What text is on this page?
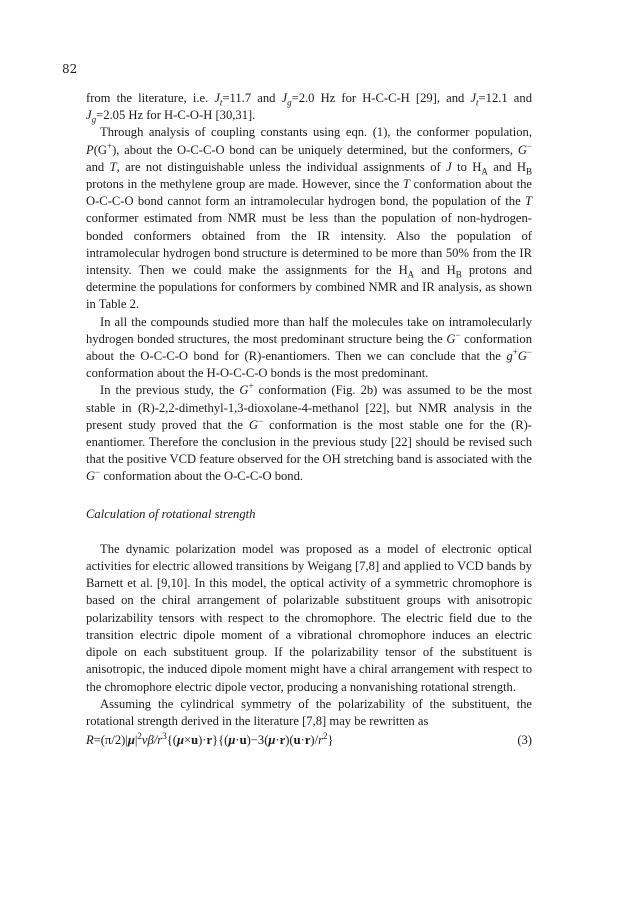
82

from the literature, i.e. $J_t=11.7$ and $J_g=2.0$ Hz for H-C-C-H [29], and $J_t=12.1$ and $J_g=2.05$ Hz for H-C-O-H [30,31].

Through analysis of coupling constants using eqn. (1), the conformer population, P(G+), about the O-C-C-O bond can be uniquely determined, but the conformers, G− and T, are not distinguishable unless the individual assignments of J to $H_A$ and $H_B$ protons in the methylene group are made. However, since the T conformation about the O-C-C-O bond cannot form an intramolecular hydrogen bond, the population of the T conformer estimated from NMR must be less than the population of non-hydrogen-bonded conformers obtained from the IR intensity. Also the population of intramolecular hydrogen bond structure is determined to be more than 50% from the IR intensity. Then we could make the assignments for the $H_A$ and $H_B$ protons and determine the populations for conformers by combined NMR and IR analysis, as shown in Table 2.

In all the compounds studied more than half the molecules take on intramolecularly hydrogen bonded structures, the most predominant structure being the G− conformation about the O-C-C-O bond for (R)-enantiomers. Then we can conclude that the g+G− conformation about the H-O-C-C-O bonds is the most predominant.

In the previous study, the G+ conformation (Fig. 2b) was assumed to be the most stable in (R)-2,2-dimethyl-1,3-dioxolane-4-methanol [22], but NMR analysis in the present study proved that the G− conformation is the most stable one for the (R)-enantiomer. Therefore the conclusion in the previous study [22] should be revised such that the positive VCD feature observed for the OH stretching band is associated with the G− conformation about the O-C-C-O bond.

Calculation of rotational strength

The dynamic polarization model was proposed as a model of electronic optical activities for electric allowed transitions by Weigang [7,8] and applied to VCD bands by Barnett et al. [9,10]. In this model, the optical activity of a symmetric chromophore is based on the chiral arrangement of polarizable substituent groups with anisotropic polarizability tensors with respect to the chromophore. The electric field due to the transition electric dipole moment of a vibrational chromophore induces an electric dipole on each substituent group. If the polarizability tensor of the substituent is anisotropic, the induced dipole moment might have a chiral arrangement with respect to the chromophore electric dipole vector, producing a nonvanishing rotational strength.

Assuming the cylindrical symmetry of the polarizability of the substituent, the rotational strength derived in the literature [7,8] may be rewritten as

$R=(\pi/2)|\mu|^2\nu\beta/r^3\{(\mu\times u)\cdot r\}\{(\mu\cdot u)-3(\mu\cdot r)(u\cdot r)/r^2\}$	(3)
